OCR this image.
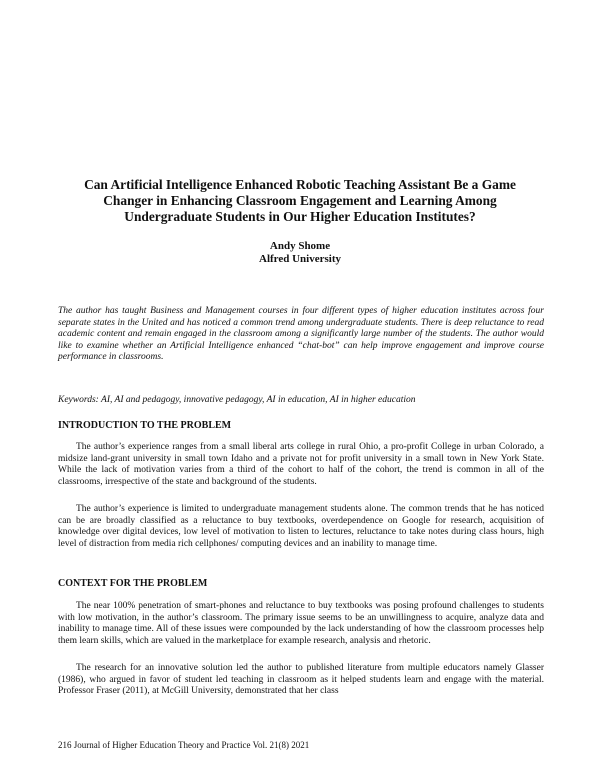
Can Artificial Intelligence Enhanced Robotic Teaching Assistant Be a Game Changer in Enhancing Classroom Engagement and Learning Among Undergraduate Students in Our Higher Education Institutes?
Andy Shome
Alfred University

The author has taught Business and Management courses in four different types of higher education institutes across four separate states in the United and has noticed a common trend among undergraduate students. There is deep reluctance to read academic content and remain engaged in the classroom among a significantly large number of the students. The author would like to examine whether an Artificial Intelligence enhanced “chat-bot” can help improve engagement and improve course performance in classrooms.

Keywords: AI, AI and pedagogy, innovative pedagogy, AI in education, AI in higher education

INTRODUCTION TO THE PROBLEM

The author’s experience ranges from a small liberal arts college in rural Ohio, a pro-profit College in urban Colorado, a midsize land-grant university in small town Idaho and a private not for profit university in a small town in New York State. While the lack of motivation varies from a third of the cohort to half of the cohort, the trend is common in all of the classrooms, irrespective of the state and background of the students.

The author’s experience is limited to undergraduate management students alone. The common trends that he has noticed can be are broadly classified as a reluctance to buy textbooks, overdependence on Google for research, acquisition of knowledge over digital devices, low level of motivation to listen to lectures, reluctance to take notes during class hours, high level of distraction from media rich cellphones/ computing devices and an inability to manage time.

CONTEXT FOR THE PROBLEM

The near 100% penetration of smart-phones and reluctance to buy textbooks was posing profound challenges to students with low motivation, in the author’s classroom. The primary issue seems to be an unwillingness to acquire, analyze data and inability to manage time. All of these issues were compounded by the lack understanding of how the classroom processes help them learn skills, which are valued in the marketplace for example research, analysis and rhetoric.

The research for an innovative solution led the author to published literature from multiple educators namely Glasser (1986), who argued in favor of student led teaching in classroom as it helped students learn and engage with the material. Professor Fraser (2011), at McGill University, demonstrated that her class

216 Journal of Higher Education Theory and Practice Vol. 21(8) 2021
